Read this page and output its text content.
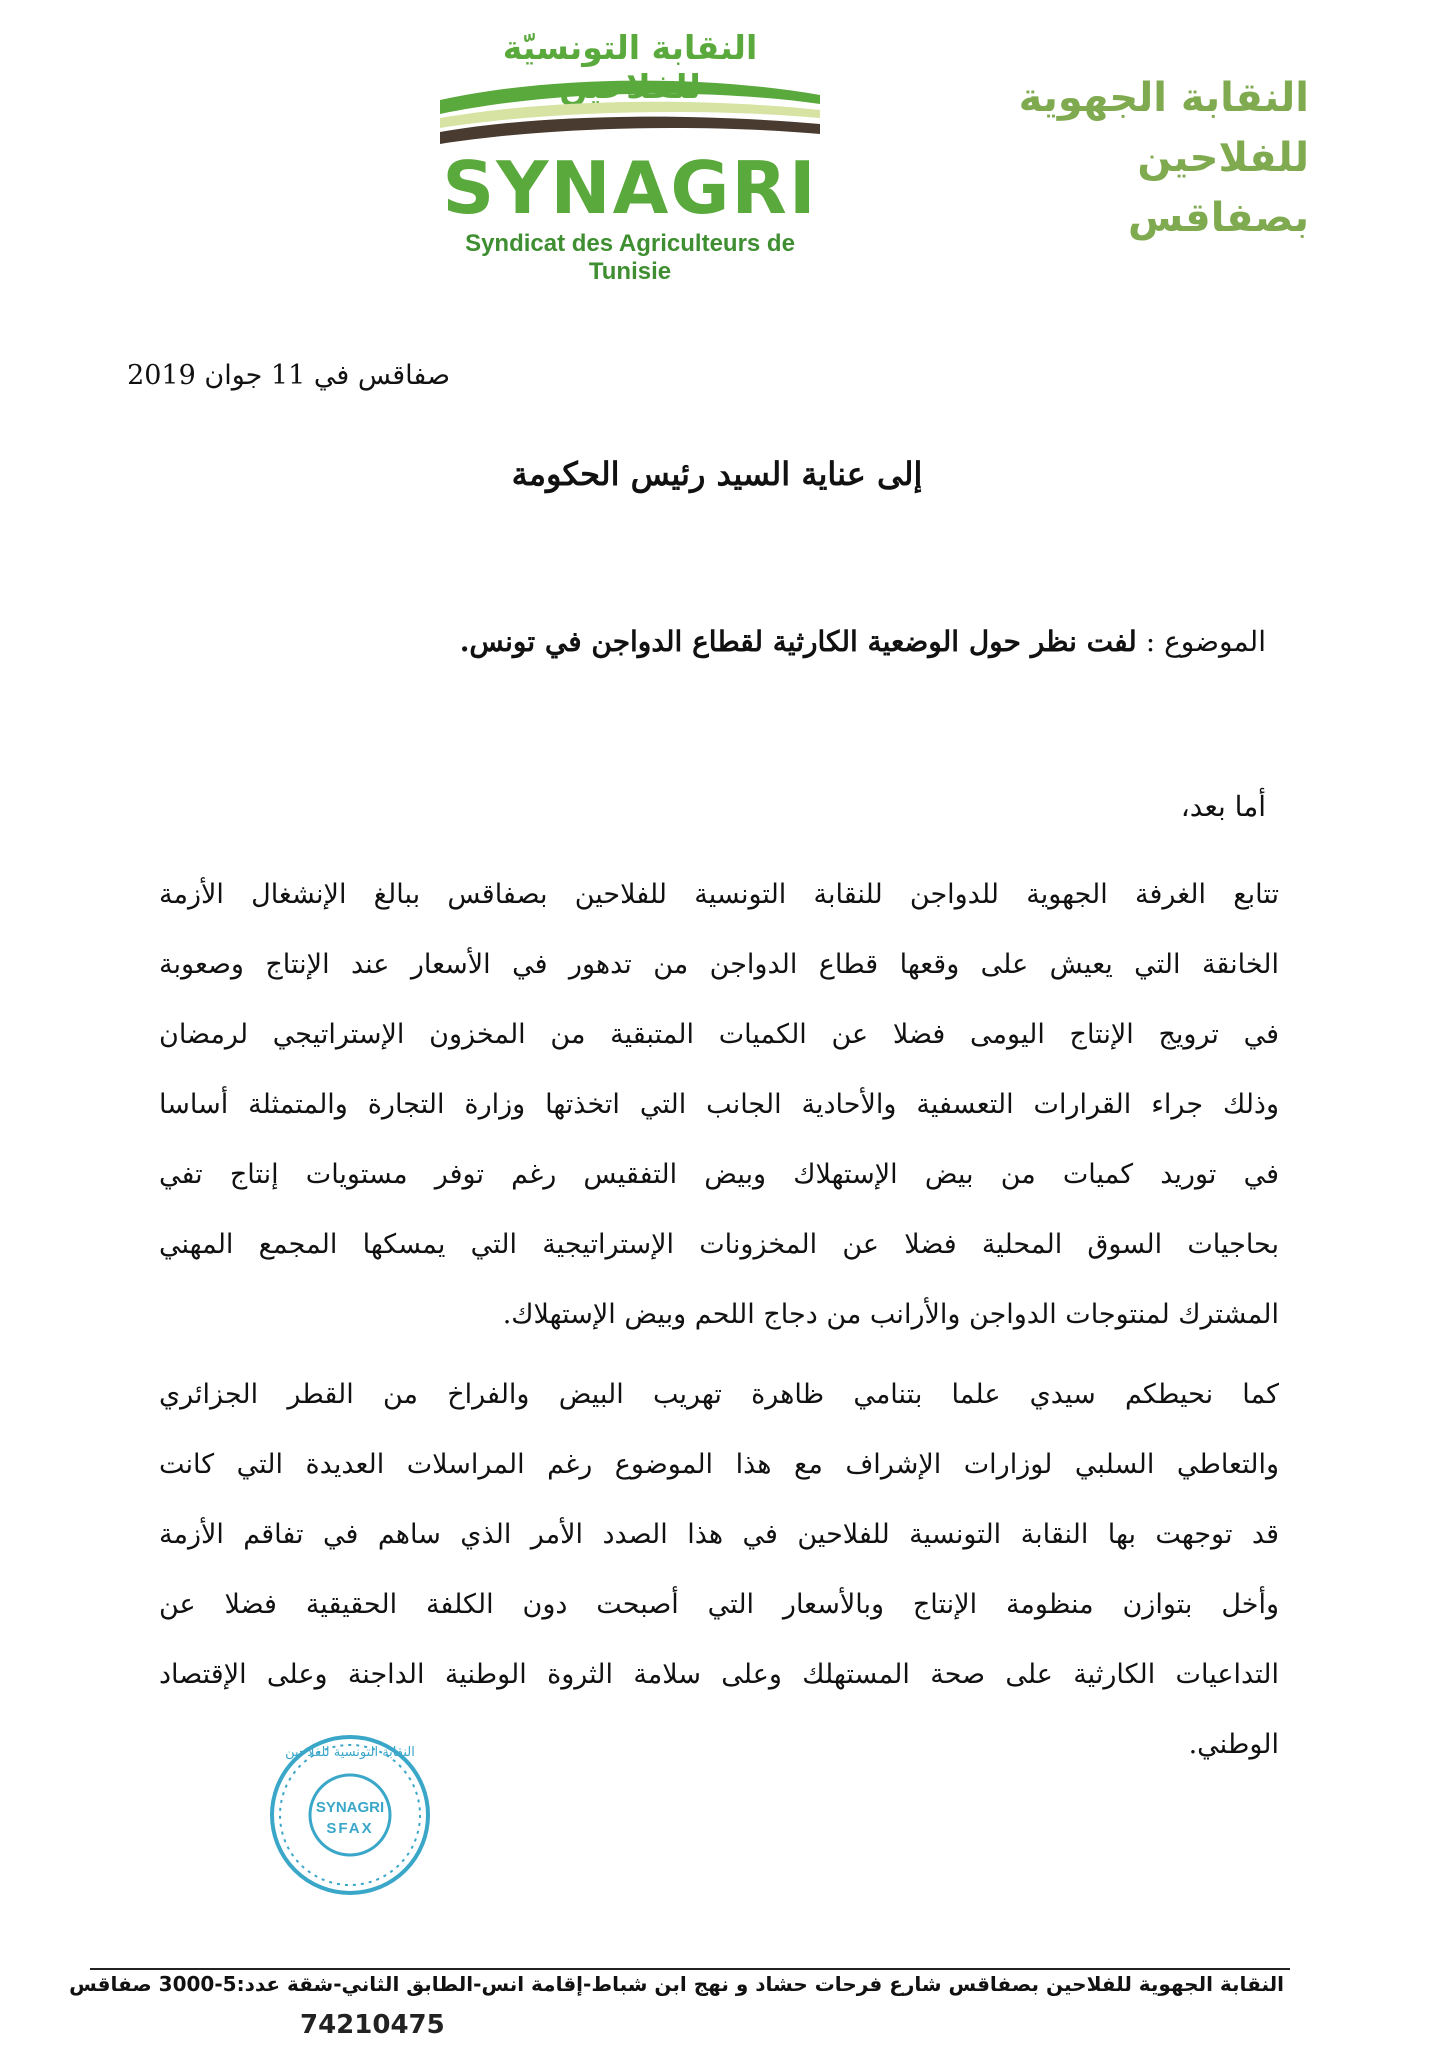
النقابة التونسيّة
SYNAGRI
Syndicat des Agriculteurs de Tunisie
النقابة الجهوية
للفلاحين بصفاقس
صفاقس في 11 جوان 2019
إلى عناية السيد رئيس الحكومة
الموضوع : لفت نظر حول الوضعية الكارثية لقطاع الدواجن في تونس.
أما بعد،
تتابع الغرفة الجهوية للدواجن للنقابة التونسية للفلاحين بصفاقس ببالغ الإنشغال الأزمة
الخانقة التي يعيش على وقعها قطاع الدواجن من تدهور في الأسعار عند الإنتاج وصعوبة
في ترويج الإنتاج اليومى فضلا عن الكميات المتبقية من المخزون الإستراتيجي لرمضان
وذلك جراء القرارات التعسفية والأحادية الجانب التي اتخذتها وزارة التجارة والمتمثلة أساسا
في توريد كميات من بيض الإستهلاك وبيض التفقيس رغم توفر مستويات إنتاج تفي
بحاجيات السوق المحلية فضلا عن المخزونات الإستراتيجية التي يمسكها المجمع المهني
المشترك لمنتوجات الدواجن والأرانب من دجاج اللحم وبيض الإستهلاك.
كما نحيطكم سيدي علما بتنامي ظاهرة تهريب البيض والفراخ من القطر الجزائري
والتعاطي السلبي لوزارات الإشراف مع هذا الموضوع رغم المراسلات العديدة التي كانت
قد توجهت بها النقابة التونسية للفلاحين في هذا الصدد الأمر الذي ساهم في تفاقم الأزمة
وأخل بتوازن منظومة الإنتاج وبالأسعار التي أصبحت دون الكلفة الحقيقية فضلا عن
التداعيات الكارثية على صحة المستهلك وعلى سلامة الثروة الوطنية الداجنة وعلى الإقتصاد
الوطني.
النقابة التونسية للفلاحين
SYNAGRI
SFAX
النقابة الجهوية للفلاحين بصفاقس شارع فرحات حشاد و نهج ابن شباط-إقامة انس-الطابق الثاني-شقة عدد:5-3000 صفاقس
74210475
